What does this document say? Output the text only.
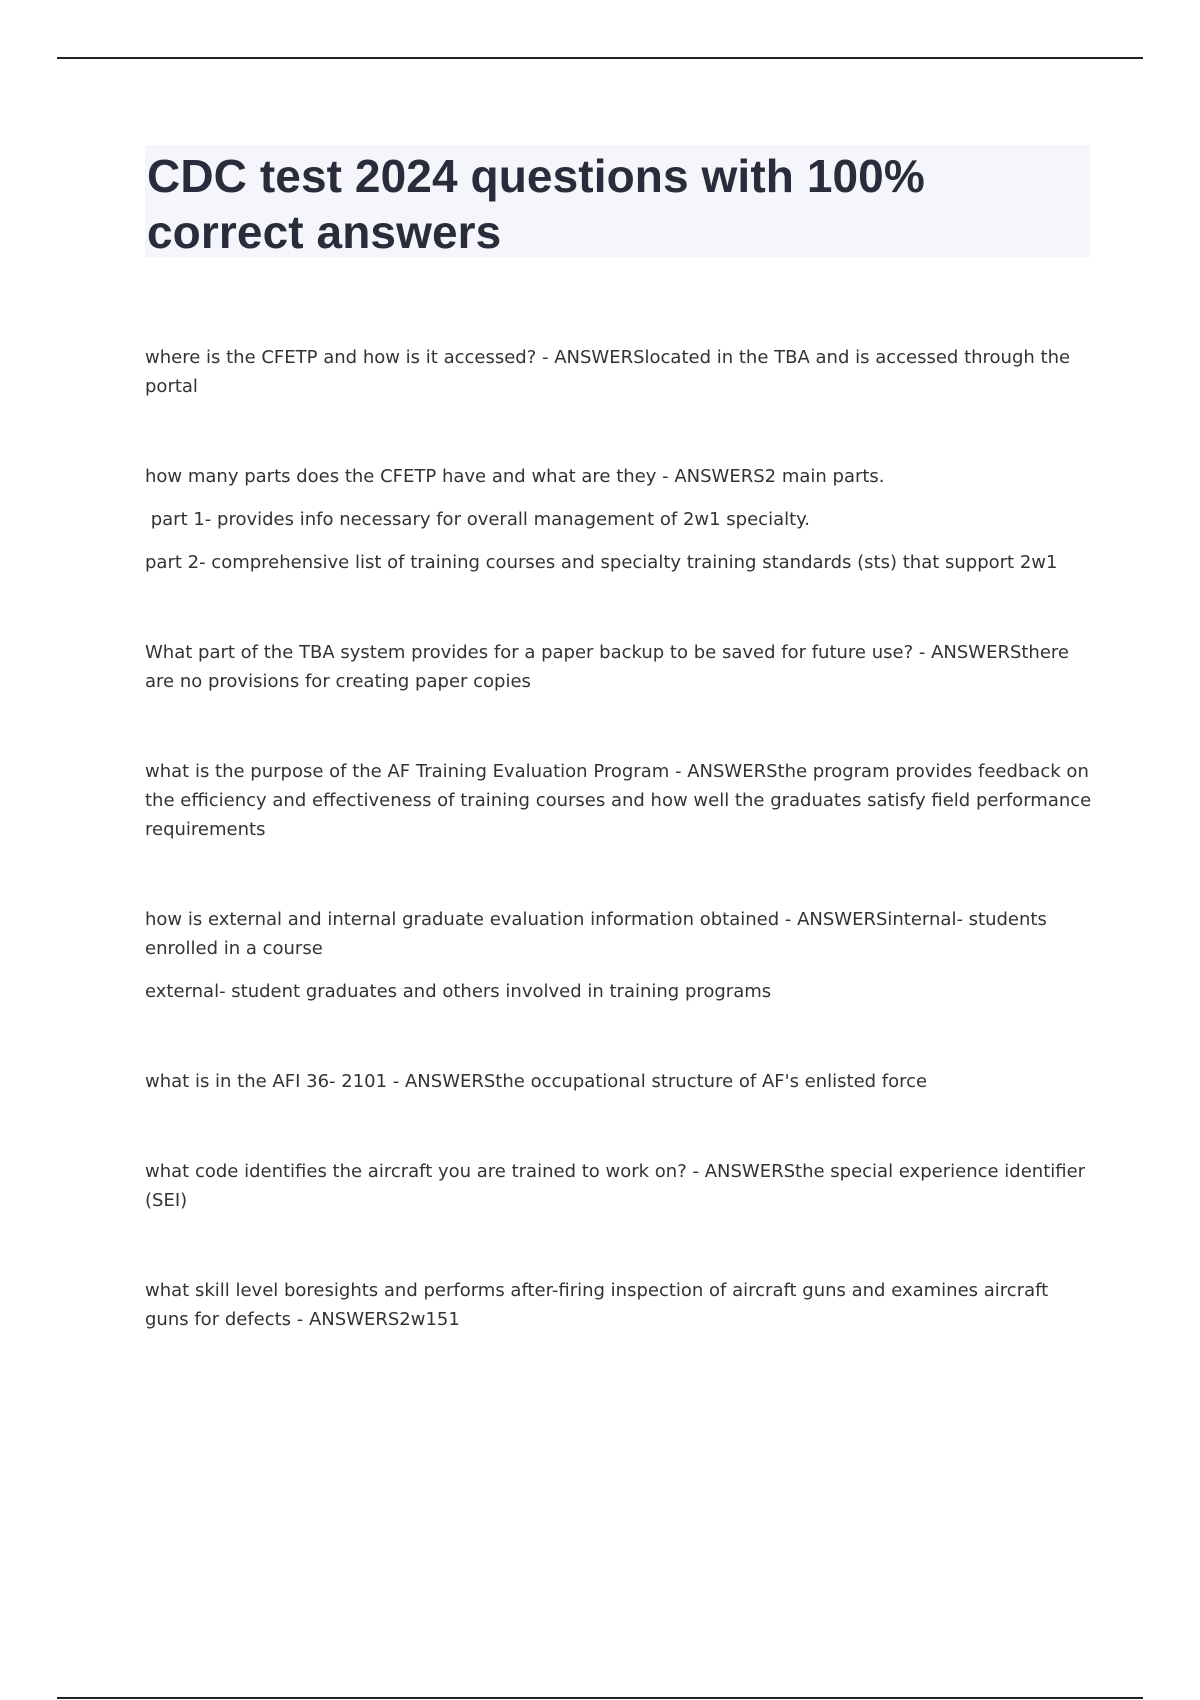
CDC test 2024 questions with 100%
correct answers

where is the CFETP and how is it accessed? - ANSWERSlocated in the TBA and is accessed through the portal

how many parts does the CFETP have and what are they - ANSWERS2 main parts.

part 1- provides info necessary for overall management of 2w1 specialty.

part 2- comprehensive list of training courses and specialty training standards (sts) that support 2w1

What part of the TBA system provides for a paper backup to be saved for future use? - ANSWERSthere are no provisions for creating paper copies

what is the purpose of the AF Training Evaluation Program - ANSWERSthe program provides feedback on the efficiency and effectiveness of training courses and how well the graduates satisfy field performance requirements

how is external and internal graduate evaluation information obtained - ANSWERSinternal- students enrolled in a course

external- student graduates and others involved in training programs

what is in the AFI 36- 2101 - ANSWERSthe occupational structure of AF's enlisted force

what code identifies the aircraft you are trained to work on? - ANSWERSthe special experience identifier (SEI)

what skill level boresights and performs after-firing inspection of aircraft guns and examines aircraft guns for defects - ANSWERS2w151
